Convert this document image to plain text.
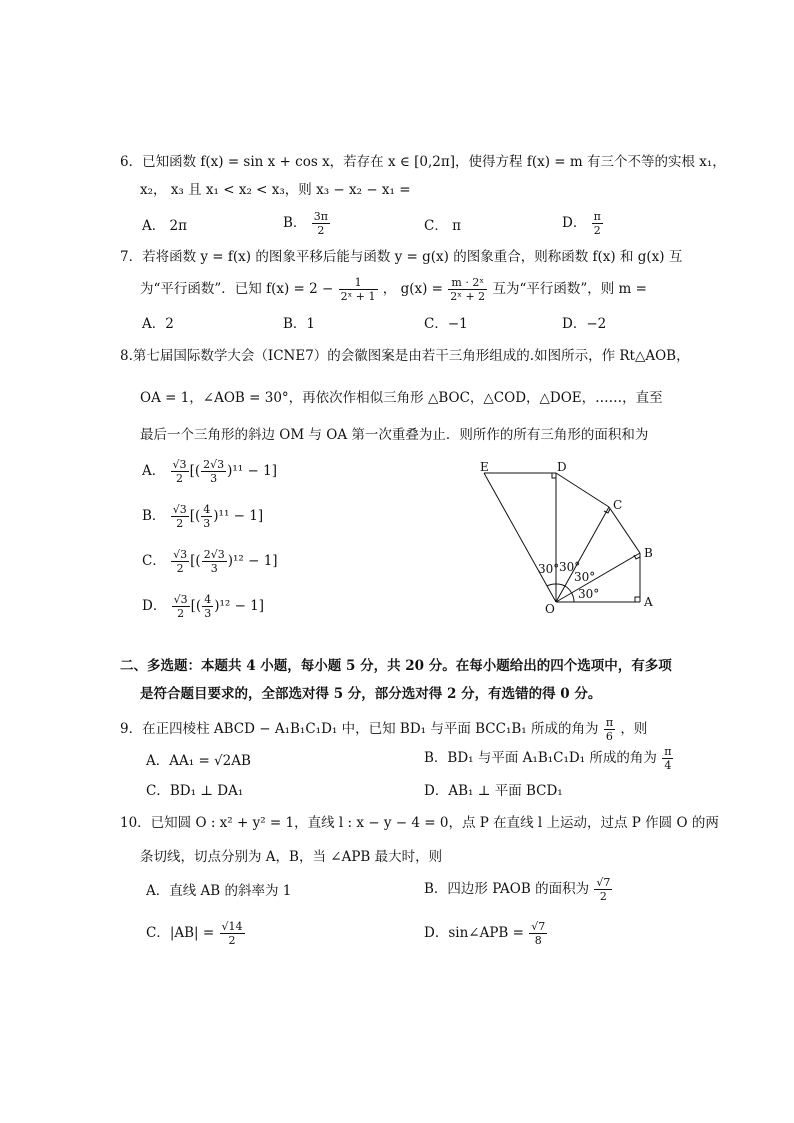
6．已知函数 f(x) = sin x + cos x，若存在 x ∈ [0,2π]，使得方程 f(x) = m 有三个不等的实根 x₁，
x₂， x₃ 且 x₁ < x₂ < x₃，则 x₃ − x₂ − x₁ =
A． 2π	B． $\frac{3\pi}{2}$	C． π	D． $\frac{\pi}{2}$
7．若将函数 y = f(x) 的图象平移后能与函数 y = g(x) 的图象重合，则称函数 f(x) 和 g(x) 互
为“平行函数”．已知 $f(x) = 2 - \frac{1}{\text{2ˣ + 1}}$ ， $g(x) = \frac{\text{m · 2ˣ}}{\text{2ˣ + 2}}$ 互为“平行函数”，则 m =
A．2	B．1	C．−1	D．−2
8.第七届国际数学大会（ICNE7）的会徽图案是由若干三角形组成的.如图所示，作 Rt△AOB，
OA = 1，∠AOB = 30°，再依次作相似三角形 △BOC，△COD，△DOE，……，直至
最后一个三角形的斜边 OM 与 OA 第一次重叠为止．则所作的所有三角形的面积和为
A． $\frac{√3}{2}$ [( $\frac{2√3}{3} )^{11} - 1$]
B． $\frac{√3}{2}$ [( $\frac{4}{3} )^{11} - 1$]
C． $\frac{√3}{2}$ [( $\frac{2√3}{3} )^{12} - 1$]
D． $\frac{√3}{2}$ [( $\frac{4}{3} )^{12} - 1$]
E	D
C
B
A
O
30° 30°
30°
30°
二、多选题：本题共 4 小题，每小题 5 分，共 20 分。在每小题给出的四个选项中，有多项
是符合题目要求的，全部选对得 5 分，部分选对得 2 分，有选错的得 0 分。
9．在正四棱柱 ABCD − A₁B₁C₁D₁ 中，已知 BD₁ 与平面 BCC₁B₁ 所成的角为 $\frac{\pi}{6}$ ，则
A．AA₁ = √2AB	B．BD₁ 与平面 A₁B₁C₁D₁ 所成的角为 $\frac{\pi}{4}$
C．BD₁ ⊥ DA₁	D．AB₁ ⊥ 平面 BCD₁
10．已知圆 O : x² + y² = 1，直线 l : x − y − 4 = 0，点 P 在直线 l 上运动，过点 P 作圆 O 的两
条切线，切点分别为 A，B，当 ∠APB 最大时，则
A．直线 AB 的斜率为 1	B．四边形 PAOB 的面积为 $\frac{√7}{2}$
C．$|AB| = \frac{√14}{2}$	D．sin∠APB = $\frac{√7}{8}$
